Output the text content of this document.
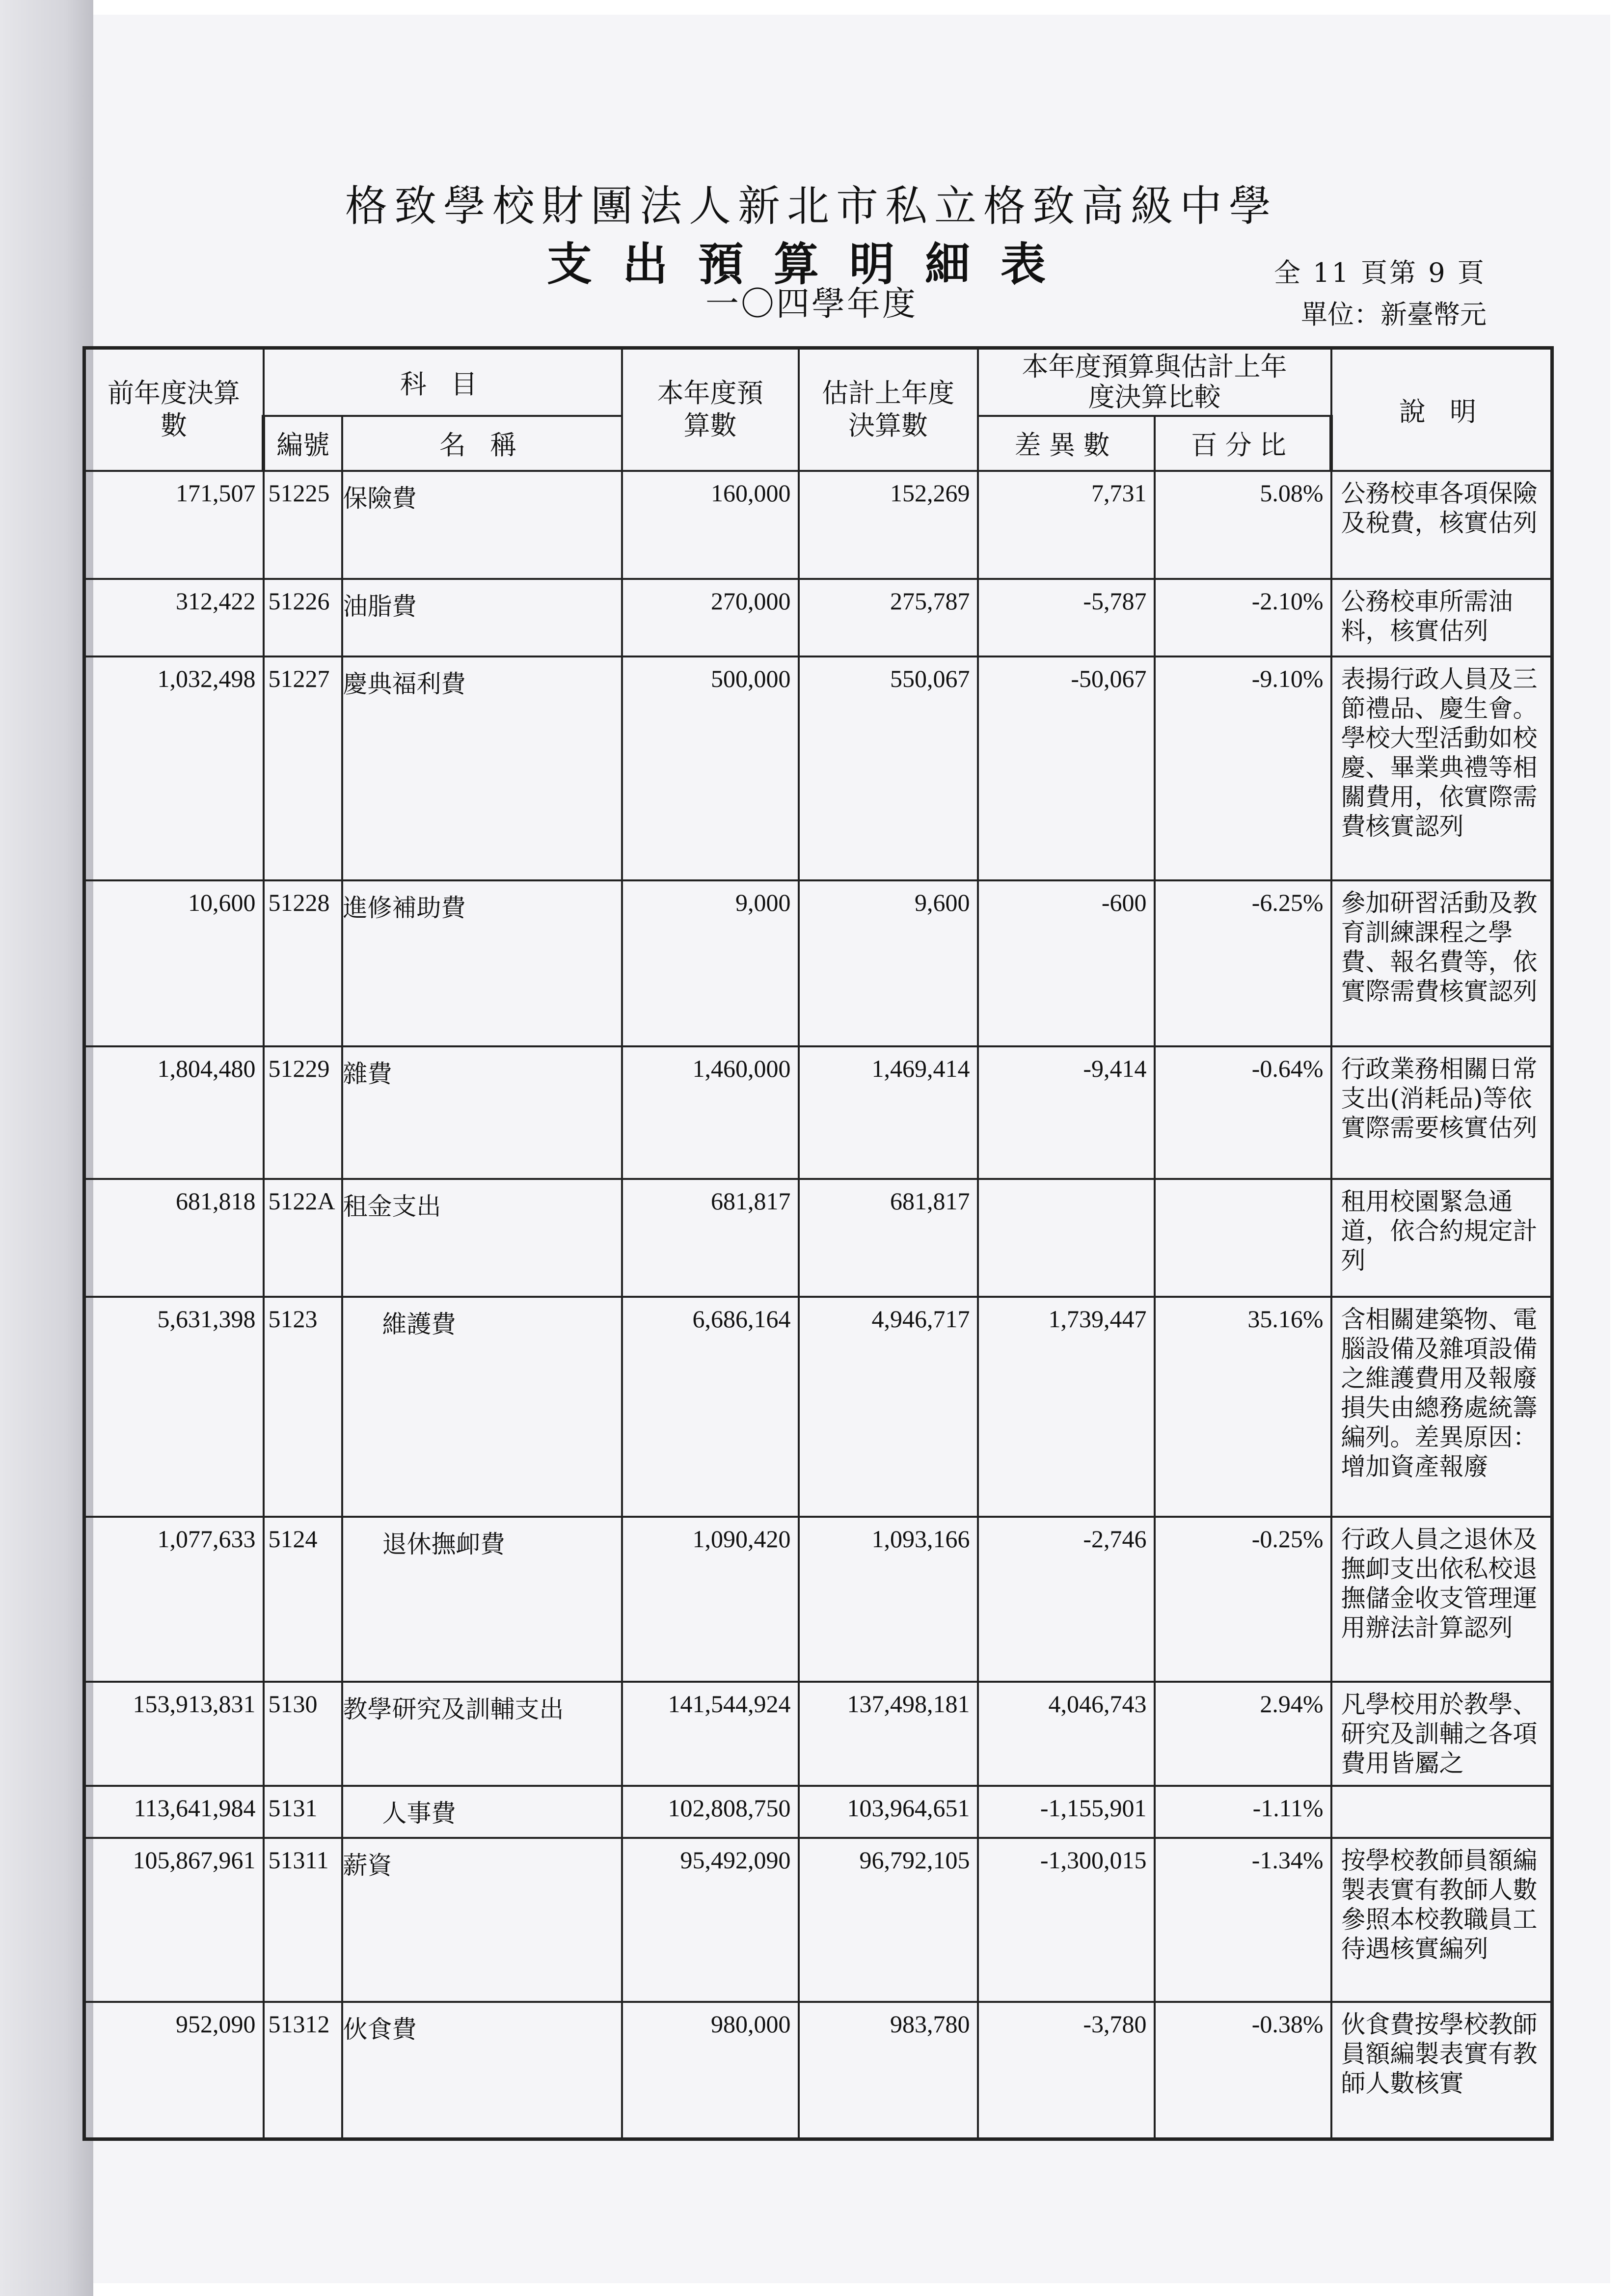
格致學校財團法人新北市私立格致高級中學
支出預算明細表
一〇四學年度
全 11 頁第 9 頁
單位：新臺幣元
前年度決算數	科 目		本年度預算數	估計上年度決算數	本年度預算與估計上年度決算比較		說 明
	編號	名 稱			差異數	百分比	
171,507	51225	保險費	160,000	152,269	7,731	5.08%	公務校車各項保險及稅費，核實估列
312,422	51226	油脂費	270,000	275,787	-5,787	-2.10%	公務校車所需油料，核實估列
1,032,498	51227	慶典福利費	500,000	550,067	-50,067	-9.10%	表揚行政人員及三節禮品、慶生會。學校大型活動如校慶、畢業典禮等相關費用，依實際需費核實認列
10,600	51228	進修補助費	9,000	9,600	-600	-6.25%	參加研習活動及教育訓練課程之學費、報名費等，依實際需費核實認列
1,804,480	51229	雜費	1,460,000	1,469,414	-9,414	-0.64%	行政業務相關日常支出(消耗品)等依實際需要核實估列
681,818	5122A	租金支出	681,817	681,817			租用校園緊急通道，依合約規定計列
5,631,398	5123	維護費	6,686,164	4,946,717	1,739,447	35.16%	含相關建築物、電腦設備及雜項設備之維護費用及報廢損失由總務處統籌編列。差異原因：增加資產報廢
1,077,633	5124	退休撫卹費	1,090,420	1,093,166	-2,746	-0.25%	行政人員之退休及撫卹支出依私校退撫儲金收支管理運用辦法計算認列
153,913,831	5130	教學研究及訓輔支出	141,544,924	137,498,181	4,046,743	2.94%	凡學校用於教學、研究及訓輔之各項費用皆屬之
113,641,984	5131	人事費	102,808,750	103,964,651	-1,155,901	-1.11%	
105,867,961	51311	薪資	95,492,090	96,792,105	-1,300,015	-1.34%	按學校教師員額編製表實有教師人數參照本校教職員工待遇核實編列
952,090	51312	伙食費	980,000	983,780	-3,780	-0.38%	伙食費按學校教師員額編製表實有教師人數核實
